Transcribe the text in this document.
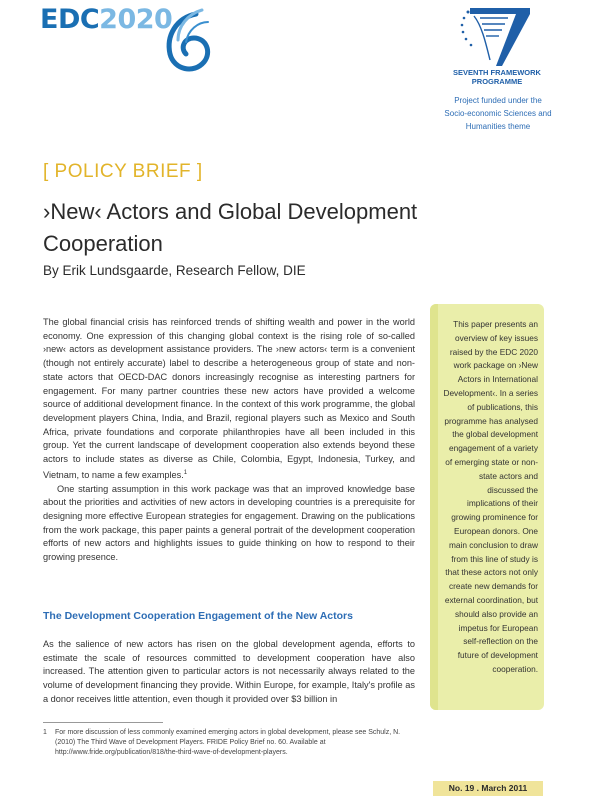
EDC2020
SEVENTH FRAMEWORK
PROGRAMME
Project funded under the
Socio-economic Sciences and
Humanities theme
[ POLICY BRIEF ]
›New‹ Actors and Global Development Cooperation
By Erik Lundsgaarde, Research Fellow, DIE

The global financial crisis has reinforced trends of shifting wealth and power in the world economy. One expression of this changing global context is the rising role of so-called ›new‹ actors as development assistance providers. The ›new actors‹ term is a convenient (though not entirely accurate) label to describe a heterogeneous group of state and non-state actors that OECD-DAC donors increasingly recognise as interesting partners for engagement. For many partner countries these new actors have provided a welcome source of additional development finance. In the context of this work programme, the global development players China, India, and Brazil, regional players such as Mexico and South Africa, private foundations and corporate philanthropies have all been included in this group. Yet the current landscape of development cooperation also extends beyond these actors to include states as diverse as Chile, Colombia, Egypt, Indonesia, Turkey, and Vietnam, to name a few examples.$^1$

One starting assumption in this work package was that an improved knowledge base about the priorities and activities of new actors in developing countries is a prerequisite for designing more effective European strategies for engagement. Drawing on the publications from the work package, this paper paints a general portrait of the development cooperation efforts of new actors and highlights issues to guide thinking on how to respond to their growing presence.

The Development Cooperation Engagement of the New Actors
As the salience of new actors has risen on the global development agenda, efforts to estimate the scale of resources committed to development cooperation have also increased. The attention given to particular actors is not necessarily always related to the volume of development financing they provide. Within Europe, for example, Italy's profile as a donor receives little attention, even though it provided over $3 billion in
1 For more discussion of less commonly examined emerging actors in global development, please see Schulz, N. (2010) The Third Wave of Development Players. FRIDE Policy Brief no. 60. Available at http://www.fride.org/publication/818/the-third-wave-of-development-players.
This paper presents an overview of key issues raised by the EDC 2020 work package on ›New Actors in International Development‹. In a series of publications, this programme has analysed the global development engagement of a variety of emerging state or non-state actors and discussed the implications of their growing prominence for European donors. One main conclusion to draw from this line of study is that these actors not only create new demands for external coordination, but should also provide an impetus for European self-reflection on the future of development cooperation.
No. 19 . March 2011
